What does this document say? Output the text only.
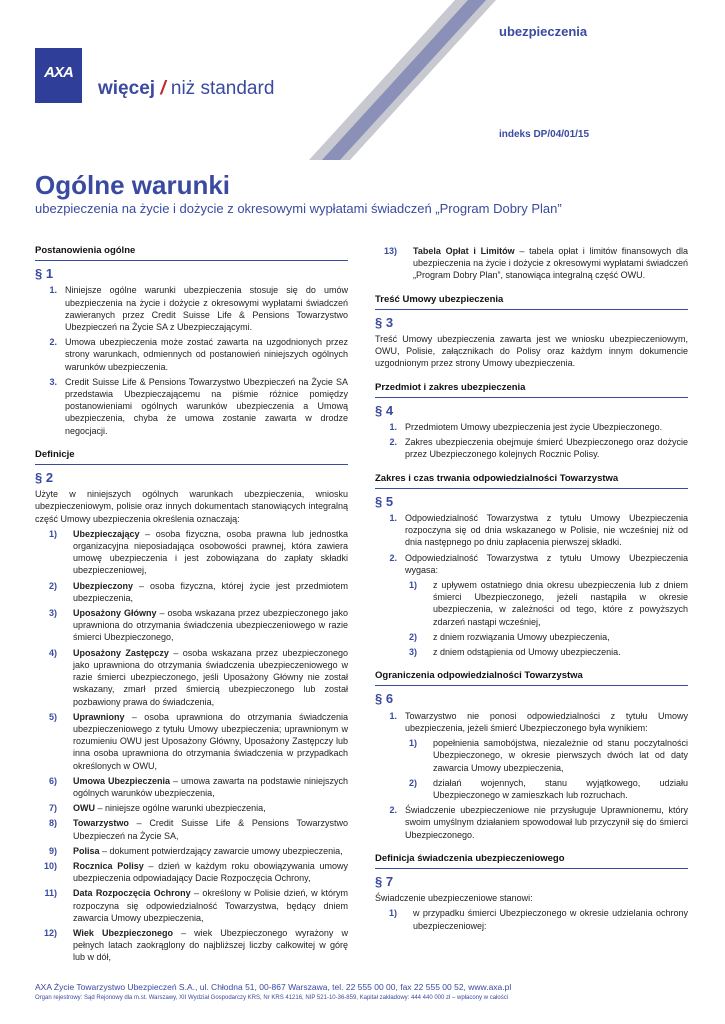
AXA
więcej / niż standard
ubezpieczenia
indeks DP/04/01/15
Ogólne warunki
ubezpieczenia na życie i dożycie z okresowymi wypłatami świadczeń „Program Dobry Plan”
Postanowienia ogólne
§ 1
1. Niniejsze ogólne warunki ubezpieczenia stosuje się do umów ubezpieczenia na życie i dożycie z okresowymi wypłatami świadczeń zawieranych przez Credit Suisse Life & Pensions Towarzystwo Ubezpieczeń na Życie SA z Ubezpieczającymi.
2. Umowa ubezpieczenia może zostać zawarta na uzgodnionych przez strony warunkach, odmiennych od postanowień niniejszych ogólnych warunków ubezpieczenia.
3. Credit Suisse Life & Pensions Towarzystwo Ubezpieczeń na Życie SA przedstawia Ubezpieczającemu na piśmie różnice pomiędzy postanowieniami ogólnych warunków ubezpieczenia a Umową ubezpieczenia, chyba że umowa zostanie zawarta w drodze negocjacji.
Definicje
§ 2

Użyte w niniejszych ogólnych warunkach ubezpieczenia, wniosku ubezpieczeniowym, polisie oraz innych dokumentach stanowiących integralną część Umowy ubezpieczenia określenia oznaczają:

1) Ubezpieczający – osoba fizyczna, osoba prawna lub jednostka organizacyjna nieposiadająca osobowości prawnej, która zawiera umowę ubezpieczenia i jest zobowiązana do zapłaty składki ubezpieczeniowej,
2) Ubezpieczony – osoba fizyczna, której życie jest przedmiotem ubezpieczenia,
3) Uposażony Główny – osoba wskazana przez ubezpieczonego jako uprawniona do otrzymania świadczenia ubezpieczeniowego w razie śmierci Ubezpieczonego,
4) Uposażony Zastępczy – osoba wskazana przez ubezpieczonego jako uprawniona do otrzymania świadczenia ubezpieczeniowego w razie śmierci ubezpieczonego, jeśli Uposażony Główny nie został wskazany, zmarł przed śmiercią ubezpieczonego lub został pozbawiony prawa do świadczenia,
5) Uprawniony – osoba uprawniona do otrzymania świadczenia ubezpieczeniowego z tytułu Umowy ubezpieczenia; uprawnionym w rozumieniu OWU jest Uposażony Główny, Uposażony Zastępczy lub inna osoba uprawniona do otrzymania świadczenia w przypadkach określonych w OWU,
6) Umowa Ubezpieczenia – umowa zawarta na podstawie niniejszych ogólnych warunków ubezpieczenia,
7) OWU – niniejsze ogólne warunki ubezpieczenia,
8) Towarzystwo – Credit Suisse Life & Pensions Towarzystwo Ubezpieczeń na Życie SA,
9) Polisa – dokument potwierdzający zawarcie umowy ubezpieczenia,
10) Rocznica Polisy – dzień w każdym roku obowiązywania umowy ubezpieczenia odpowiadający Dacie Rozpoczęcia Ochrony,
11) Data Rozpoczęcia Ochrony – określony w Polisie dzień, w którym rozpoczyna się odpowiedzialność Towarzystwa, będący dniem zawarcia Umowy ubezpieczenia,
12) Wiek Ubezpieczonego – wiek Ubezpieczonego wyrażony w pełnych latach zaokrąglony do najbliższej liczby całkowitej w górę lub w dół,
13) Tabela Opłat i Limitów – tabela opłat i limitów finansowych dla ubezpieczenia na życie i dożycie z okresowymi wypłatami świadczeń „Program Dobry Plan”, stanowiąca integralną część OWU.
Treść Umowy ubezpieczenia
§ 3

Treść Umowy ubezpieczenia zawarta jest we wniosku ubezpieczeniowym, OWU, Polisie, załącznikach do Polisy oraz każdym innym dokumencie uzgodnionym przez strony Umowy ubezpieczenia.

Przedmiot i zakres ubezpieczenia
§ 4
1. Przedmiotem Umowy ubezpieczenia jest życie Ubezpieczonego.
2. Zakres ubezpieczenia obejmuje śmierć Ubezpieczonego oraz dożycie przez Ubezpieczonego kolejnych Rocznic Polisy.
Zakres i czas trwania odpowiedzialności Towarzystwa
§ 5
1. Odpowiedzialność Towarzystwa z tytułu Umowy Ubezpieczenia rozpoczyna się od dnia wskazanego w Polisie, nie wcześniej niż od dnia następnego po dniu zapłacenia pierwszej składki.
2. Odpowiedzialność Towarzystwa z tytułu Umowy Ubezpieczenia wygasa:
1) z upływem ostatniego dnia okresu ubezpieczenia lub z dniem śmierci Ubezpieczonego, jeżeli nastąpiła w okresie ubezpieczenia, w zależności od tego, które z powyższych zdarzeń nastąpi wcześniej,
2) z dniem rozwiązania Umowy ubezpieczenia,
3) z dniem odstąpienia od Umowy ubezpieczenia.
Ograniczenia odpowiedzialności Towarzystwa
§ 6
1. Towarzystwo nie ponosi odpowiedzialności z tytułu Umowy ubezpieczenia, jeżeli śmierć Ubezpieczonego była wynikiem:
1) popełnienia samobójstwa, niezależnie od stanu poczytalności Ubezpieczonego, w okresie pierwszych dwóch lat od daty zawarcia Umowy ubezpieczenia,
2) działań wojennych, stanu wyjątkowego, udziału Ubezpieczonego w zamieszkach lub rozruchach.
2. Świadczenie ubezpieczeniowe nie przysługuje Uprawnionemu, który swoim umyślnym działaniem spowodował lub przyczynił się do śmierci Ubezpieczonego.
Definicja świadczenia ubezpieczeniowego
§ 7

Świadczenie ubezpieczeniowe stanowi:

1) w przypadku śmierci Ubezpieczonego w okresie udzielania ochrony ubezpieczeniowej:
AXA Życie Towarzystwo Ubezpieczeń S.A., ul. Chłodna 51, 00-867 Warszawa, tel. 22 555 00 00, fax 22 555 00 52, www.axa.pl
Organ rejestrowy: Sąd Rejonowy dla m.st. Warszawy, XII Wydział Gospodarczy KRS, Nr KRS 41216, NIP 521-10-36-859, Kapitał zakładowy: 444 440 000 zł – wpłacony w całości
